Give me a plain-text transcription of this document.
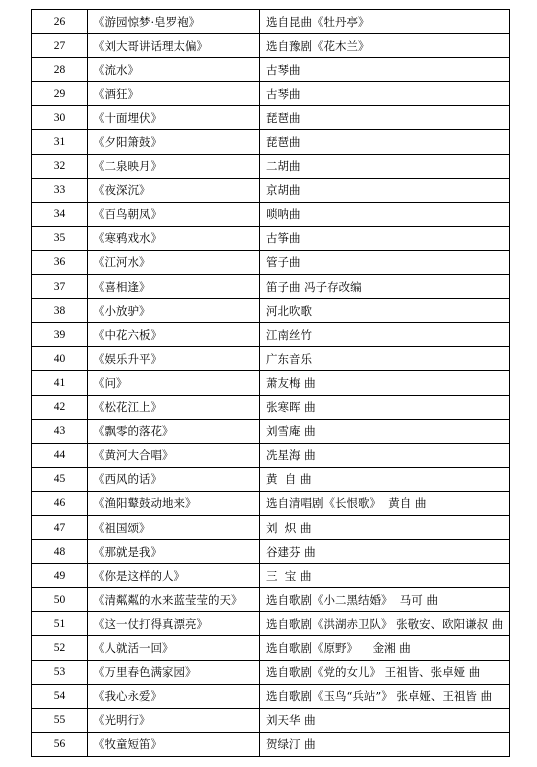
26	《游园惊梦·皂罗袍》	选自昆曲《牡丹亭》
27	《刘大哥讲话理太偏》	选自豫剧《花木兰》
28	《流水》	古琴曲
29	《酒狂》	古琴曲
30	《十面埋伏》	琵琶曲
31	《夕阳箫鼓》	琵琶曲
32	《二泉映月》	二胡曲
33	《夜深沉》	京胡曲
34	《百鸟朝凤》	唢呐曲
35	《寒鸦戏水》	古筝曲
36	《江河水》	管子曲
37	《喜相逢》	笛子曲 冯子存改编
38	《小放驴》	河北吹歌
39	《中花六板》	江南丝竹
40	《娱乐升平》	广东音乐
41	《问》	萧友梅 曲
42	《松花江上》	张寒晖 曲
43	《飘零的落花》	刘雪庵 曲
44	《黄河大合唱》	冼星海 曲
45	《西风的话》	黄  自 曲
46	《渔阳鼙鼓动地来》	选自清唱剧《长恨歌》  黄自 曲
47	《祖国颂》	刘  炽 曲
48	《那就是我》	谷建芬 曲
49	《你是这样的人》	三  宝 曲
50	《清粼粼的水来蓝莹莹的天》	选自歌剧《小二黑结婚》  马可 曲
51	《这一仗打得真漂亮》	选自歌剧《洪湖赤卫队》 张敬安、欧阳谦叔 曲
52	《人就活一回》	选自歌剧《原野》    金湘 曲
53	《万里春色满家园》	选自歌剧《党的女儿》 王祖皆、张卓娅 曲
54	《我心永爱》	选自歌剧《玉鸟“兵站”》 张卓娅、王祖皆 曲
55	《光明行》	刘天华 曲
56	《牧童短笛》	贺绿汀 曲
